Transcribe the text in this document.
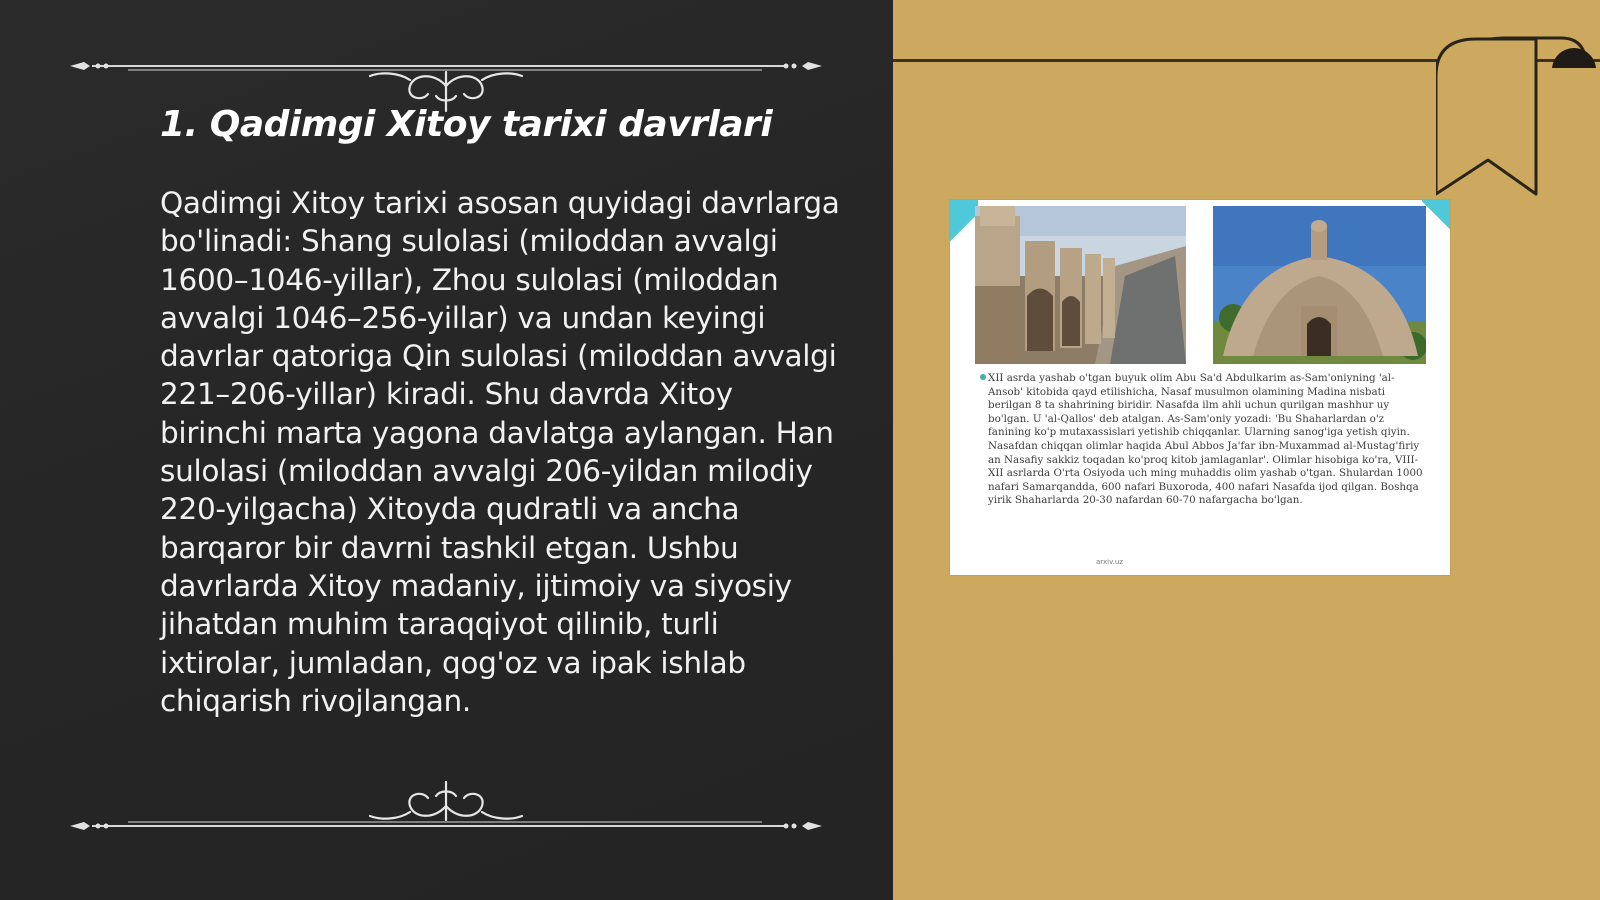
1. Qadimgi Xitoy tarixi davrlari

Qadimgi Xitoy tarixi asosan quyidagi davrlarga bo'linadi: Shang sulolasi (miloddan avvalgi 1600–1046-yillar), Zhou sulolasi (miloddan avvalgi 1046–256-yillar) va undan keyingi davrlar qatoriga Qin sulolasi (miloddan avvalgi 221–206-yillar) kiradi. Shu davrda Xitoy birinchi marta yagona davlatga aylangan. Han sulolasi (miloddan avvalgi 206-yildan milodiy 220-yilgacha) Xitoyda qudratli va ancha barqaror bir davrni tashkil etgan. Ushbu davrlarda Xitoy madaniy, ijtimoiy va siyosiy jihatdan muhim taraqqiyot qilinib, turli ixtirolar, jumladan, qog'oz va ipak ishlab chiqarish rivojlangan.

XII asrda yashab o'tgan buyuk olim Abu Sa'd Abdulkarim as-Sam'oniyning 'al-Ansob' kitobida qayd etilishicha, Nasaf musulmon olamining Madina nisbati berilgan 8 ta shahrining biridir. Nasafda ilm ahli uchun qurilgan mashhur uy bo'lgan. U 'al-Qallos' deb atalgan. As-Sam'oniy yozadi: 'Bu Shaharlardan o'z fanining ko'p mutaxassislari yetishib chiqqanlar. Ularning sanog'iga yetish qiyin. Nasafdan chiqqan olimlar haqida Abul Abbos Ja'far ibn-Muxammad al-Mustag'firiy an Nasafiy sakkiz toqadan ko'proq kitob jamlaganlar'. Olimlar hisobiga ko'ra, VIII-XII asrlarda O'rta Osiyoda uch ming muhaddis olim yashab o'tgan. Shulardan 1000 nafari Samarqandda, 600 nafari Buxoroda, 400 nafari Nasafda ijod qilgan. Boshqa yirik Shaharlarda 20-30 nafardan 60-70 nafargacha bo'lgan.

arxiv.uz
